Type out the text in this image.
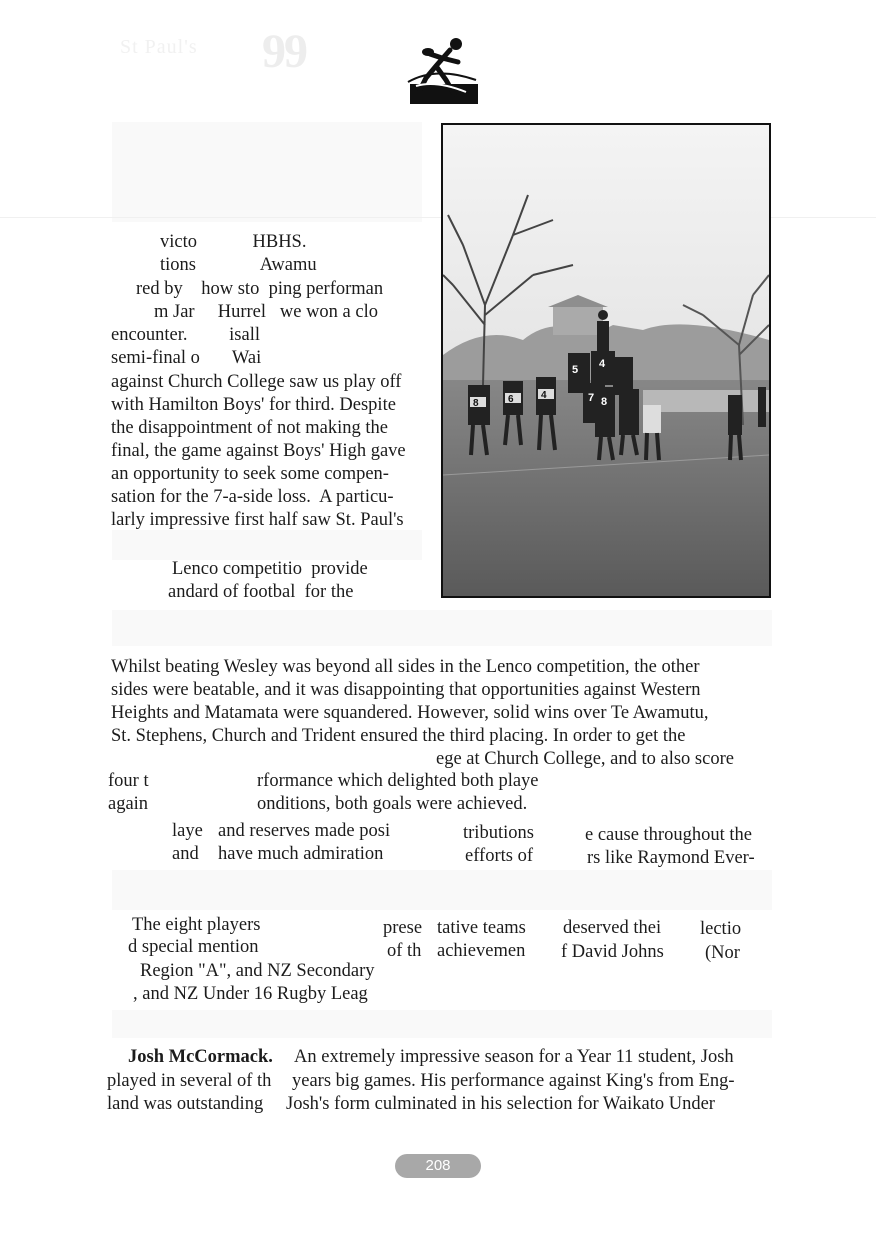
St Paul's 99
5 4
7 8
8	6	4
victo            HBHS.
tions              Awamu
red by    how sto  ping performan
m Jar     Hurrel   we won a clo
encounter.         isall
semi-final o       Wai
against Church College saw us play off
with Hamilton Boys' for third. Despite
the disappointment of not making the
final, the game against Boys' High gave
an opportunity to seek some compen-
sation for the 7-a-side loss.  A particu-
larly impressive first half saw St. Paul's
Lenco competitio  provide
andard of footbal  for the
Whilst beating Wesley was beyond all sides in the Lenco competition, the other
sides were beatable, and it was disappointing that opportunities against Western
Heights and Matamata were squandered. However, solid wins over Te Awamutu,
St. Stephens, Church and Trident ensured the third placing. In order to get the
ege at Church College, and to also score
four t	rformance which delighted both playe
again	onditions, both goals were achieved.
laye and reserves made posi	tributions	e cause throughout the
and have much admiration	efforts of	rs like Raymond Ever-
The eight players	prese tative teams deserved thei lectio
d special mention	of th achievemen f David Johns (Nor
Region "A", and NZ Secondary
, and NZ Under 16 Rugby Leag
Josh McCormack. An extremely impressive season for a Year 11 student, Josh
played in several of th years big games. His performance against King's from Eng-
land was outstanding Josh's form culminated in his selection for Waikato Under
208
